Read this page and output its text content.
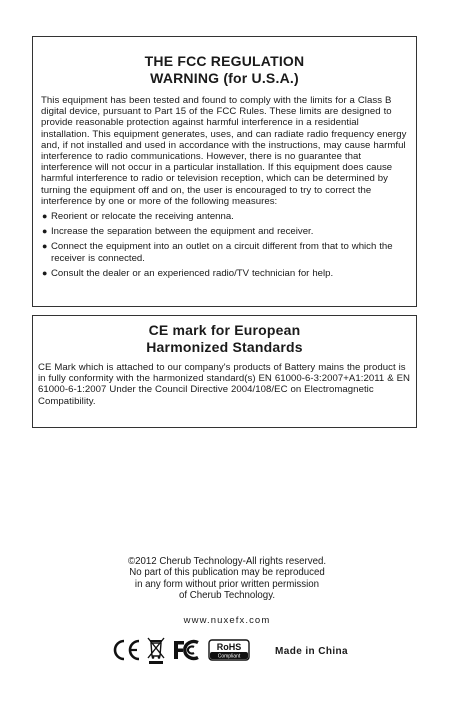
THE FCC REGULATION
WARNING (for U.S.A.)
This equipment has been tested and found to comply with the limits for a Class B digital device, pursuant to Part 15 of the FCC Rules. These limits are designed to provide reasonable protection against harmful interference in a residential installation. This equipment generates, uses, and can radiate radio frequency energy and, if not installed and used in accordance with the instructions, may cause harmful interference to radio communications. However, there is no guarantee that interference will not occur in a particular installation. If this equipment does cause harmful interference to radio or television reception, which can be determined by turning the equipment off and on, the user is encouraged to try to correct the interference by one or more of the following measures:
● Reorient or relocate the receiving antenna.
● Increase the separation between the equipment and receiver.
● Connect the equipment into an outlet on a circuit different from that to which the receiver is connected.
● Consult the dealer or an experienced radio/TV technician for help.
CE mark for European
Harmonized Standards
CE Mark which is attached to our company's products of Battery mains the product is in fully conformity with the harmonized standard(s) EN 61000-6-3:2007+A1:2011 & EN 61000-6-1:2007 Under the Council Directive 2004/108/EC on Electromagnetic Compatibility.
©2012 Cherub Technology-All rights reserved.
No part of this publication may be reproduced
in any form without prior written permission
of Cherub Technology.
www.nuxefx.com
RoHS
Compliant	Made in China
